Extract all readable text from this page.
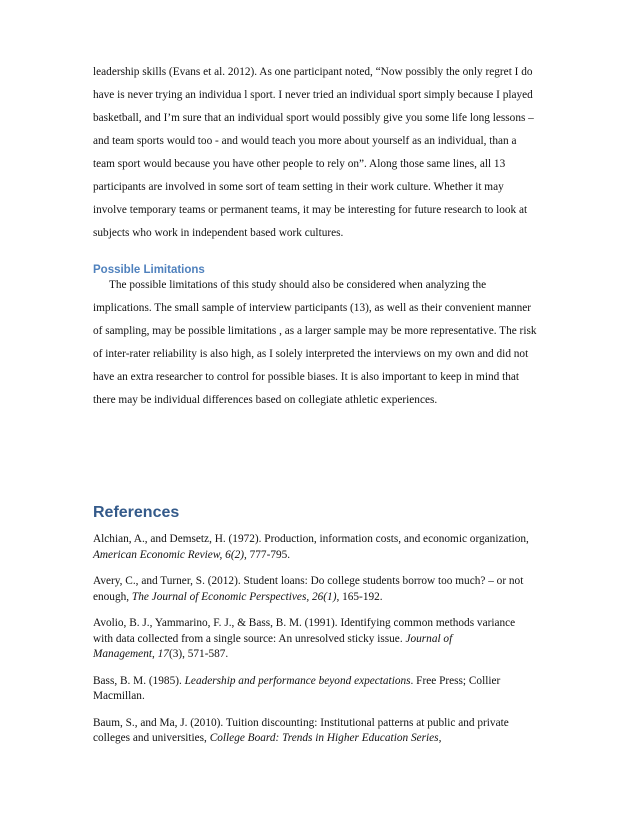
leadership skills (Evans et al. 2012). As one participant noted, “Now possibly the only regret I do
have is never trying an individua l sport. I never tried an individual sport simply because I played
basketball, and I’m sure that an individual sport would possibly give you some life long lessons –
and team sports would too - and would teach you more about yourself as an individual, than a
team sport would because you have other people to rely on”. Along those same lines, all 13
participants are involved in some sort of team setting in their work culture. Whether it may
involve temporary teams or permanent teams, it may be interesting for future research to look at
subjects who work in independent based work cultures.
Possible Limitations
The possible limitations of this study should also be considered when analyzing the
implications. The small sample of interview participants (13), as well as their convenient manner
of sampling, may be possible limitations , as a larger sample may be more representative. The risk
of inter-rater reliability is also high, as I solely interpreted the interviews on my own and did not
have an extra researcher to control for possible biases. It is also important to keep in mind that
there may be individual differences based on collegiate athletic experiences.
References

Alchian, A., and Demsetz, H. (1972). Production, information costs, and economic organization,
American Economic Review, 6(2), 777-795.

Avery, C., and Turner, S. (2012). Student loans: Do college students borrow too much? – or not
enough, The Journal of Economic Perspectives, 26(1), 165-192.

Avolio, B. J., Yammarino, F. J., & Bass, B. M. (1991). Identifying common methods variance
with data collected from a single source: An unresolved sticky issue. Journal of
Management, 17(3), 571-587.

Bass, B. M. (1985). Leadership and performance beyond expectations. Free Press; Collier
Macmillan.

Baum, S., and Ma, J. (2010). Tuition discounting: Institutional patterns at public and private
colleges and universities, College Board: Trends in Higher Education Series,
